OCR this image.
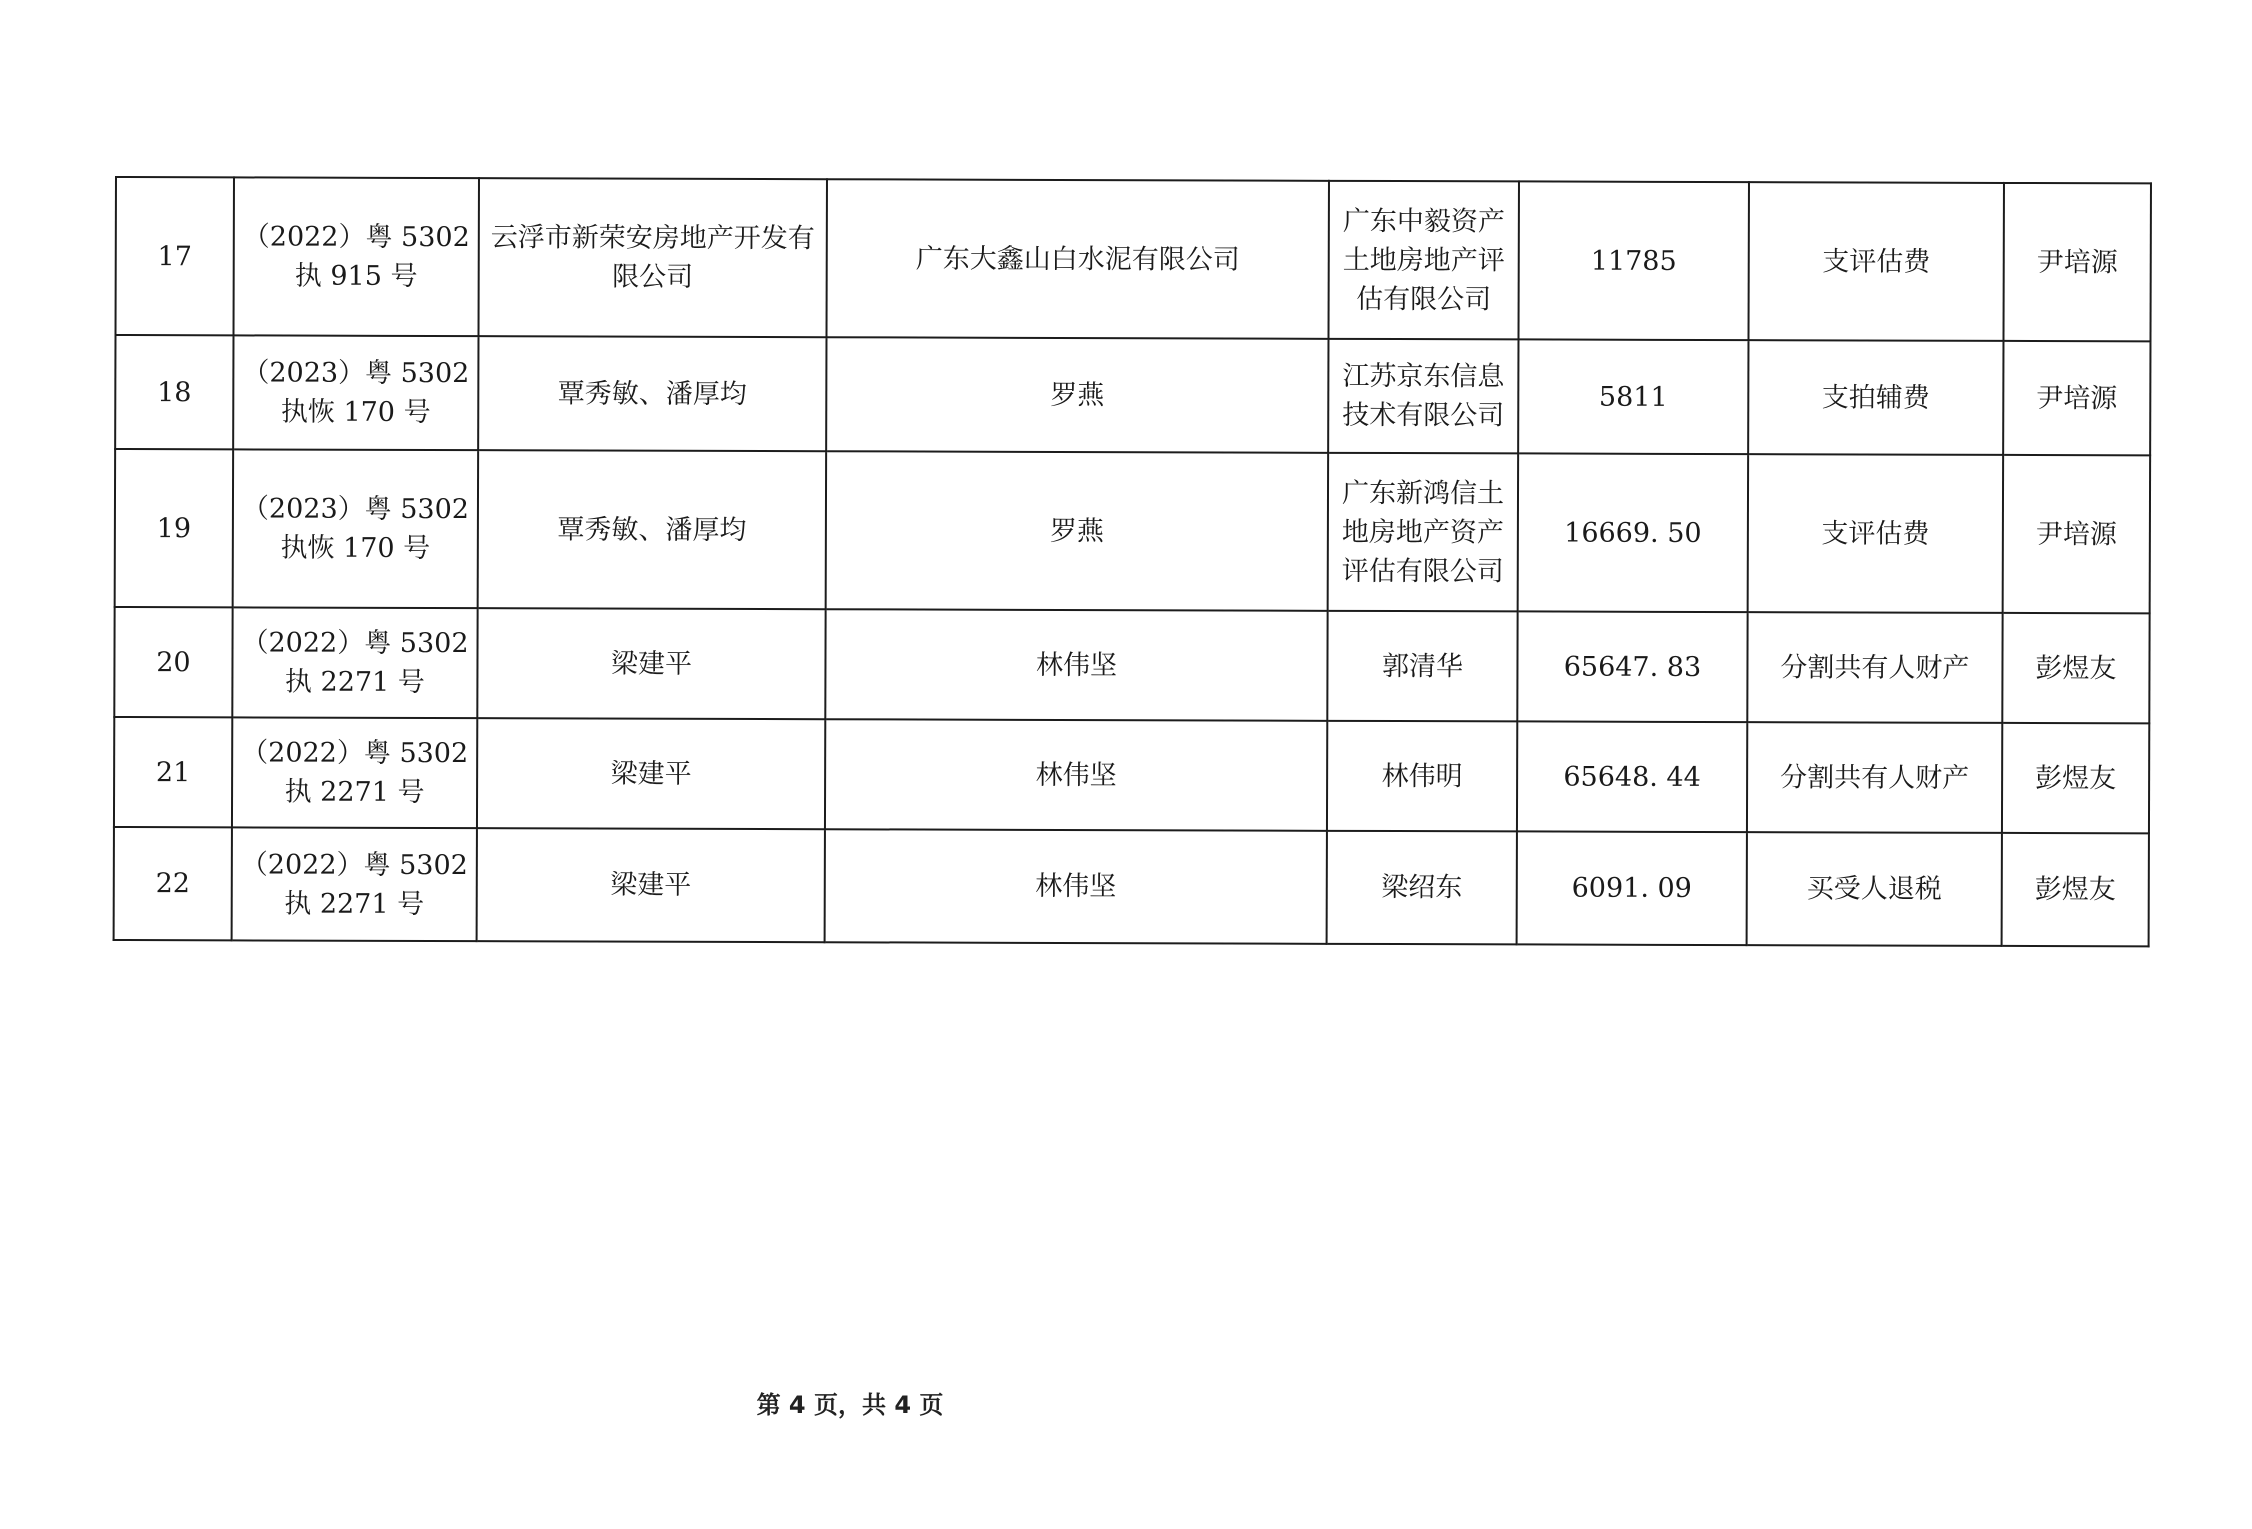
17	（2022）粤 5302 执 915 号	云浮市新荣安房地产开发有限公司	广东大鑫山白水泥有限公司	广东中毅资产土地房地产评估有限公司	11785	支评估费	尹培源
18	（2023）粤 5302 执恢 170 号	覃秀敏、潘厚均	罗燕	江苏京东信息技术有限公司	5811	支拍辅费	尹培源
19	（2023）粤 5302 执恢 170 号	覃秀敏、潘厚均	罗燕	广东新鸿信土地房地产资产评估有限公司	16669. 50	支评估费	尹培源
20	（2022）粤 5302 执 2271 号	梁建平	林伟坚	郭清华	65647. 83	分割共有人财产	彭煜友
21	（2022）粤 5302 执 2271 号	梁建平	林伟坚	林伟明	65648. 44	分割共有人财产	彭煜友
22	（2022）粤 5302 执 2271 号	梁建平	林伟坚	梁绍东	6091. 09	买受人退税	彭煜友
第 4 页，共 4 页
